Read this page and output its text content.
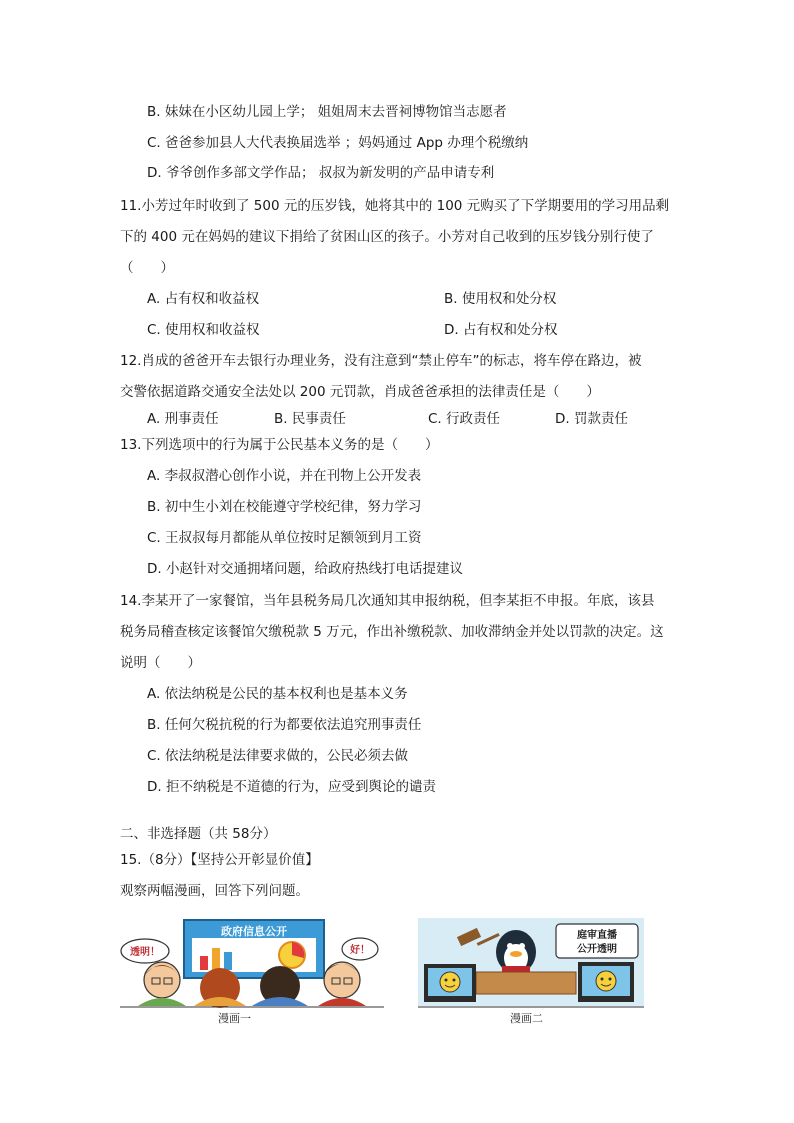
B. 妹妹在小区幼儿园上学； 姐姐周末去晋祠博物馆当志愿者
C. 爸爸参加县人大代表换届选举 ；妈妈通过 App 办理个税缴纳
D. 爷爷创作多部文学作品； 叔叔为新发明的产品申请专利
11.小芳过年时收到了 500 元的压岁钱，她将其中的 100 元购买了下学期要用的学习用品剩
下的 400 元在妈妈的建议下捐给了贫困山区的孩子。小芳对自己收到的压岁钱分别行使了
（　　）
A. 占有权和收益权	B. 使用权和处分权
C. 使用权和收益权	D. 占有权和处分权
12.肖成的爸爸开车去银行办理业务，没有注意到“禁止停车”的标志，将车停在路边，被
交警依据道路交通安全法处以 200 元罚款，肖成爸爸承担的法律责任是（　　）
A. 刑事责任	B. 民事责任	C. 行政责任	D. 罚款责任
13.下列选项中的行为属于公民基本义务的是（　　）
A. 李叔叔潜心创作小说，并在刊物上公开发表
B. 初中生小刘在校能遵守学校纪律，努力学习
C. 王叔叔每月都能从单位按时足额领到月工资
D. 小赵针对交通拥堵问题，给政府热线打电话提建议
14.李某开了一家餐馆，当年县税务局几次通知其申报纳税，但李某拒不申报。年底，该县
税务局稽查核定该餐馆欠缴税款 5 万元，作出补缴税款、加收滞纳金并处以罚款的决定。这
说明（　　）
A. 依法纳税是公民的基本权利也是基本义务
B. 任何欠税抗税的行为都要依法追究刑事责任
C. 依法纳税是法律要求做的，公民必须去做
D. 拒不纳税是不道德的行为，应受到舆论的谴责
二、非选择题（共 58分）
15.（8分）【坚持公开彰显价值】
观察两幅漫画，回答下列问题。
政府信息公开
透明！	好！
漫画一
庭审直播
公开透明
漫画二
